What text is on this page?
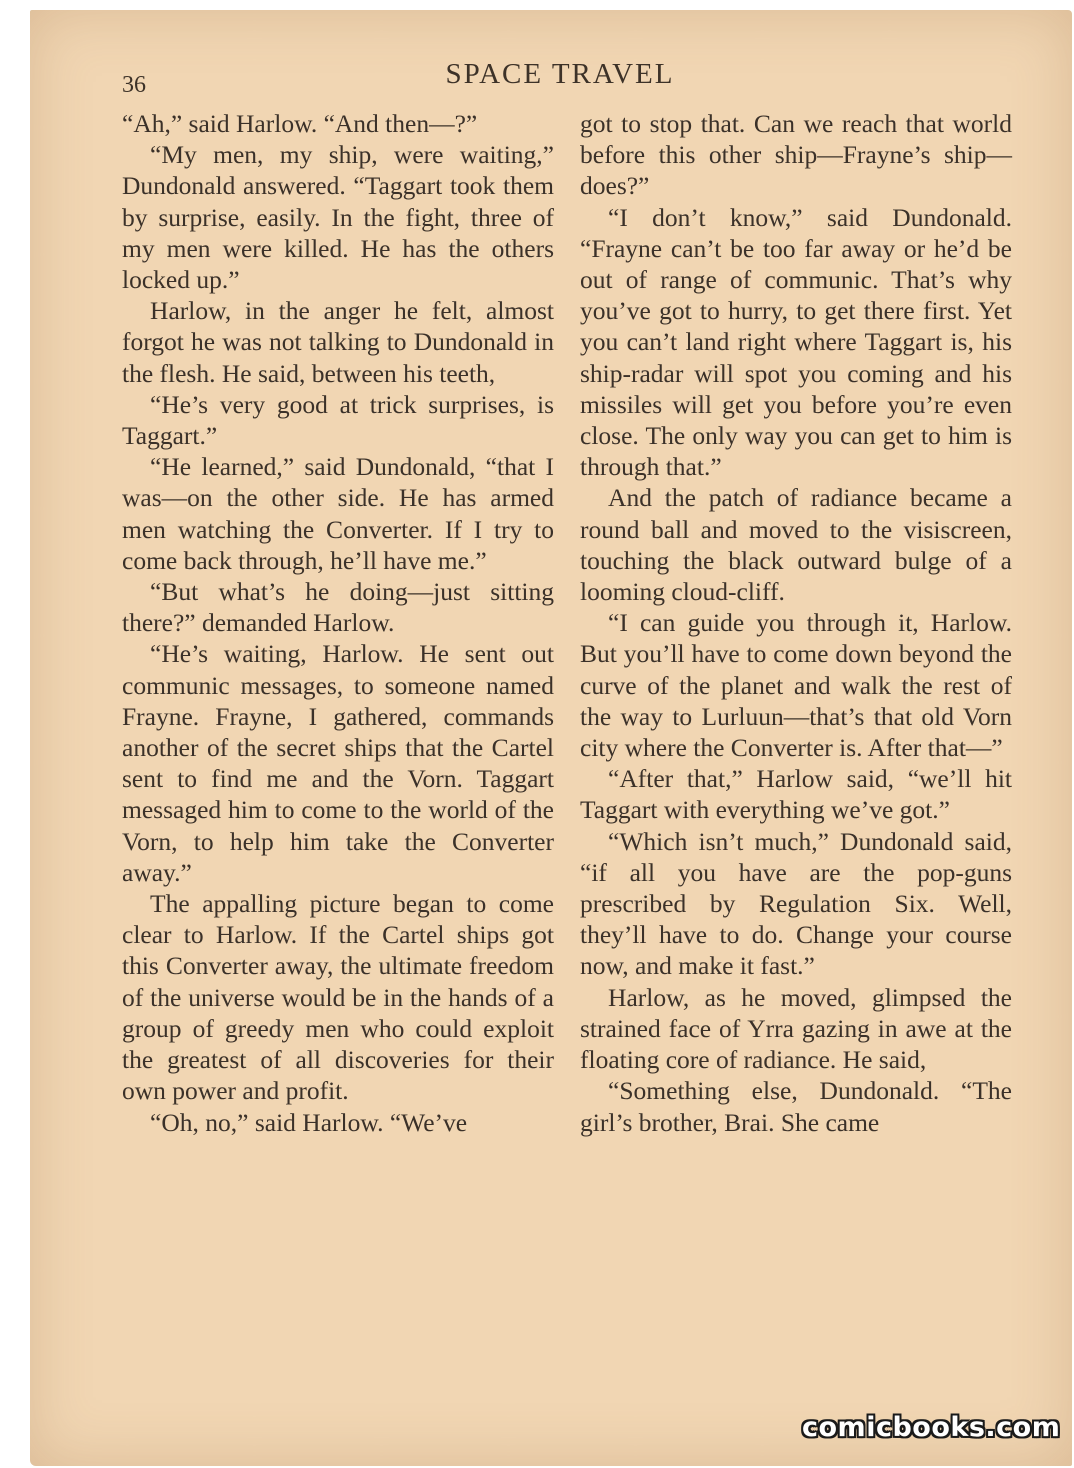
36	SPACE TRAVEL

“Ah,” said Harlow. “And then—?”

“My men, my ship, were waiting,” Dundonald answered. “Taggart took them by surprise, easily. In the fight, three of my men were killed. He has the others locked up.”

Harlow, in the anger he felt, almost forgot he was not talking to Dundonald in the flesh. He said, between his teeth,

“He’s very good at trick surprises, is Taggart.”

“He learned,” said Dundonald, “that I was—on the other side. He has armed men watching the Converter. If I try to come back through, he’ll have me.”

“But what’s he doing—just sitting there?” demanded Harlow.

“He’s waiting, Harlow. He sent out communic messages, to someone named Frayne. Frayne, I gathered, commands another of the secret ships that the Cartel sent to find me and the Vorn. Taggart messaged him to come to the world of the Vorn, to help him take the Converter away.”

The appalling picture began to come clear to Harlow. If the Cartel ships got this Converter away, the ultimate freedom of the universe would be in the hands of a group of greedy men who could exploit the greatest of all discoveries for their own power and profit.

“Oh, no,” said Harlow. “We’ve

got to stop that. Can we reach that world before this other ship—Frayne’s ship—does?”

“I don’t know,” said Dundonald. “Frayne can’t be too far away or he’d be out of range of communic. That’s why you’ve got to hurry, to get there first. Yet you can’t land right where Taggart is, his ship-radar will spot you coming and his missiles will get you before you’re even close. The only way you can get to him is through that.”

And the patch of radiance became a round ball and moved to the visiscreen, touching the black outward bulge of a looming cloud-cliff.

“I can guide you through it, Harlow. But you’ll have to come down beyond the curve of the planet and walk the rest of the way to Lurluun—that’s that old Vorn city where the Converter is. After that—”

“After that,” Harlow said, “we’ll hit Taggart with everything we’ve got.”

“Which isn’t much,” Dundonald said, “if all you have are the pop-guns prescribed by Regulation Six. Well, they’ll have to do. Change your course now, and make it fast.”

Harlow, as he moved, glimpsed the strained face of Yrra gazing in awe at the floating core of radiance. He said,

“Something else, Dundonald. “The girl’s brother, Brai. She came

comicbooks.com
